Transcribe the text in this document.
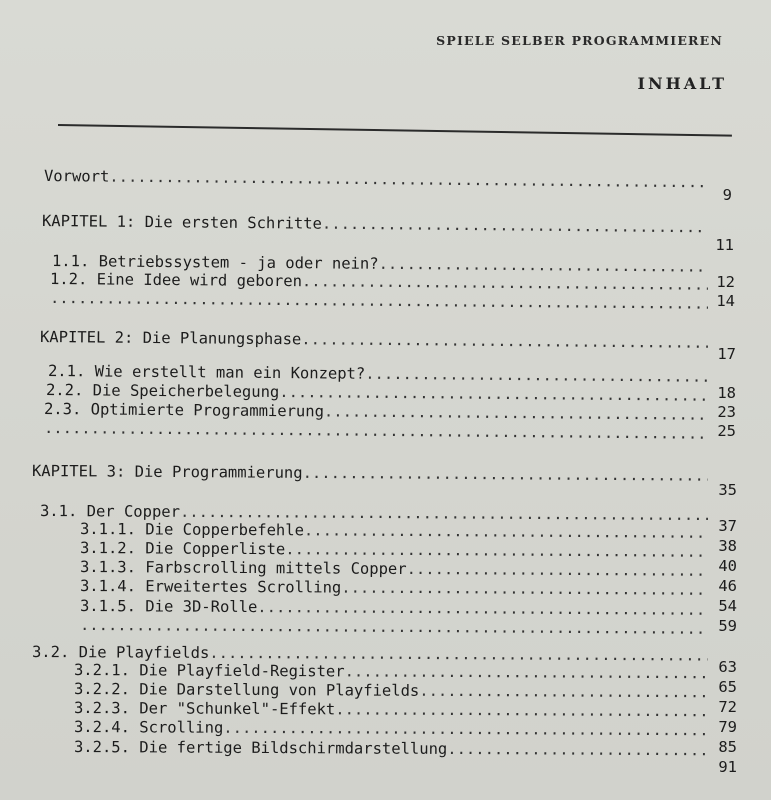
SPIELE SELBER PROGRAMMIEREN
INHALT
Vorwort
.....
KAPITEL 1: Die ersten Schritte
.....
1.1. Betriebssystem - ja oder nein?
.....
1.2. Eine Idee wird geboren
.....
.....
KAPITEL 2: Die Planungsphase
.....
2.1. Wie erstellt man ein Konzept?
.....
2.2. Die Speicherbelegung
.....
2.3. Optimierte Programmierung
.....
.....
KAPITEL 3: Die Programmierung
.....
3.1. Der Copper
.....
3.1.1. Die Copperbefehle
.....
3.1.2. Die Copperliste
.....
3.1.3. Farbscrolling mittels Copper
.....
3.1.4. Erweitertes Scrolling
.....
3.1.5. Die 3D-Rolle
.....
.....
3.2. Die Playfields
.....
3.2.1. Die Playfield-Register
.....
3.2.2. Die Darstellung von Playfields
.....
3.2.3. Der "Schunkel"-Effekt
.....
3.2.4. Scrolling
.....
3.2.5. Die fertige Bildschirmdarstellung
.....
9
11
12
14
17
18
23
25
35
37
38
40
46
54
59
63
65
72
79
85
91
